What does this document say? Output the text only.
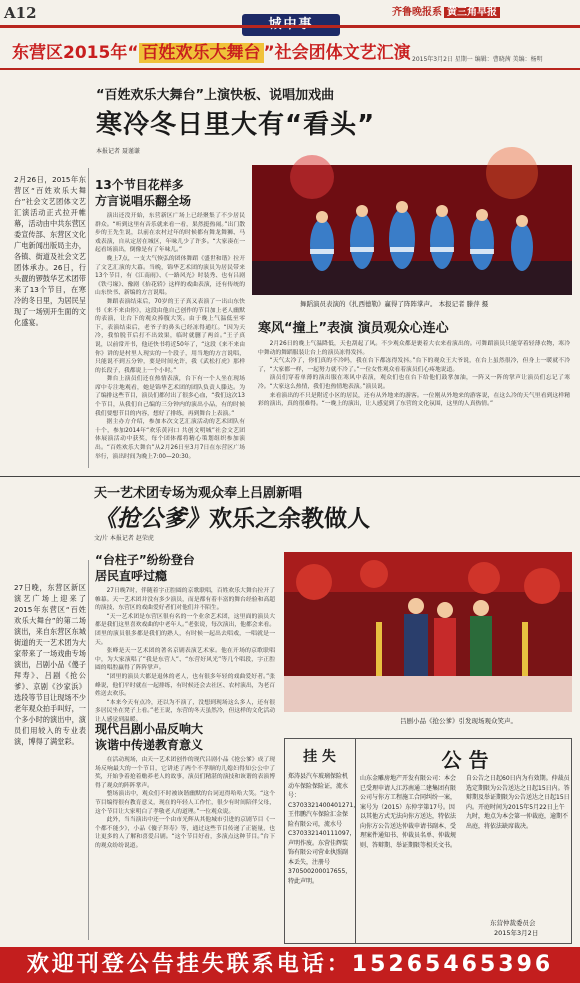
A12	齐鲁晚报系 黄三角早报
东营区2015年“ 百姓欢乐大舞台 ”社会团体文艺汇演 2015年3月2日 星期一 编辑：曹晓茜 美编：杨明
“百姓欢乐大舞台”上演快板、说唱加戏曲
寒冷冬日里大有“看头”
本报记者 聂谨谦
2月26日，2015年东营区“百姓欢乐大舞台”社会文艺团体文艺汇演活动正式拉开帷幕，活动由中共东营区委宣传部、东营区文化广电新闻出版局主办，各镇、街道及社会文艺团体承办。26日，行头靓的锣鼓华艺术团带来了13个节目，在寒冷的冬日里，为居民呈现了一场别开生面的文化盛宴。
13个节目花样多
方言说唱乐翻全场

演出还没开始，东营新区广场上已经聚集了不少居民群众。“听到这里有音乐就来看一看，果然挺热闹。”出门散步的王先生说，以前在农村过年的时候都有舞龙舞狮、马戏表演，自从定居在城区，年味儿少了许多。“大家凑在一起看场演出，倒像是有了年味儿。”

晚上7点，一支大气恢弘的团体舞蹈《盛世和谐》拉开了文艺汇演的大幕。当晚，锦华艺术团的演员为居民带来13个节目，有《江南雨》、《一路风光》时装秀、也有吕剧《铁弓缘》、豫剧《抬花轿》这样的戏曲表演，还有传统的山东快书、新编的方言说唱。

舞蹈表演结束后，70岁的王子真又表演了一出山东快书《来不来由你》，这段由他自己创作的节目加上老人幽默的表演，让台下的观众捧腹大笑。由于晚上气温低至零下，表演结束后，老爷子的鼻头已经冻得通红。“因为天冷，我怕脱节后打不出效果，临时就删了两首。”王子真说，以前常开书，他还快书将近50年了，“这段《来不来由你》讲的是村里人现实的一个段子，用当地的方言说唱，只能说不到五分钟，要是时间允许，我《武松打虎》那样的长段子，我都说上一个小时。”

舞台上演员们还在热情表演，台下有一个人坐在现场席中专注地观看，她是锦华艺术团的团队负责人滕达。为了编排这些节目，演员们都付出了很多心血，“我们这次13个节目，从我们自己编的三分钟内的演出小品，有的时候我们要想节目的内容，想好了排练，再到舞台上表演。”

据主办方介绍，参加本次文艺汇演活动的艺术团队有十个，参加2014年“欢乐黄河口 共创文明城”社会文艺团体展演活动中获奖，每个团体都将精心策划组织参加演出。“百姓欢乐大舞台”从2月26日至3月7日在东营区广场举行，演出时间为晚上7:00—20:30。

舞蹈演员表演的《扎西德勒》赢得了阵阵掌声。 本报记者 滕萍 摄
寒风“撞上”表演 演员观众心连心

2月26日的晚上气温降低，天也刮起了风。不少观众都是裹着大衣来看演出的。可舞蹈演员只能穿着轻薄衣物，寒冷中舞动的舞蹈服装让台上的演员冻得发抖。

“天气太冷了，你们真的不冷吗，我在台下都冻得发抖。”台下的观众王大爷说，在台上虽然很冷，但身上一暖就不冷了，“大家都一样，一起努力就不冷了。”一位女性观众看着演员们心疼地说道。

演员们穿着单薄的演出服在寒风中表演，观众们也在台下给他们鼓掌加油，一阵又一阵的掌声让演员们忘记了寒冷。“大家这么热情，我们也热情地表演。”演员说。

来看演出的不只是附近小区的居民，还有从外地来的游客。一位刚从外地来的游客说，在这么冷的天气里看到这样精彩的演出，真的很难得。“一晚上的演出，让人感觉到了东营的文化氛围，这里的人真热情。”

天一艺术团专场为观众奉上吕剧新唱
《抢公爹》欢乐之余教做人
文/片 本报记者 赵荣虎
27日晚，东营区新区演艺广场上迎来了2015年东营区“百姓欢乐大舞台”的第二场演出，来自东营区东城街道的天一艺术团为大家带来了一场戏曲专场演出，吕剧小品《傻子拜寿》、吕剧《抢公爹》、京剧《沙家浜》选段等节目让现场不少老年观众拍手叫好，一个多小时的演出中，演员们用较入的专业表演，博得了满堂彩。
“台柱子”纷纷登台
居民直呼过瘾

27日晚7时，伴随着字正腔圆的京歌联唱，百姓欢乐大舞台拉开了帷幕。天一艺术团并没有多少演员，而是都有着丰富的舞台经验和高超的演技，东营区的戏曲爱好者们对他们并不陌生。

“天一艺术团是东营区很有名的一个业余艺术团，这里面的演员大都是我们这里喜欢戏曲的中老年人。”老张说，每次演出，他都会来看。团里的演员很多都是我们的熟人，有时候一起出去唱戏，一唱就是一天。

张峰是天一艺术团的著名京剧表演艺术家。他在开场的京歌联唱中，为大家演唱了“我是东营人”、“东营好风光”等几个唱段，字正腔圆的唱腔赢得了阵阵掌声。

“团里的演员大都是退休的老人，也有很多年轻的戏曲爱好者。”张峰说，他们平时就在一起排练，有时候还会去社区、农村演出，为老百姓送去欢乐。

“本来今天有点冷，还以为不演了，没想到现场这么多人，还有很多居民坐在凳子上看。”老王说，东营的冬天虽然冷，但这样的文化活动让人感觉到温暖。	吕剧小品《抢公爹》引发现场观众笑声。
现代吕剧小品反响大
诙谐中传递教育意义

在活动现场，由天一艺术团创作的现代吕剧小品《抢公爹》成了现场反响最大的一个节目，它讲述了两个不孝顺的儿媳妇得知公公中了奖，开始争着抢着赡养老人的故事，演员们精湛的演技和诙谐的表演博得了观众的阵阵掌声。

整场演出中，观众们不时被诙谐幽默的台词逗得哈哈大笑。“这个节目编得很有教育意义，现在的年轻人工作忙，很少有时间陪伴父母，这个节目让大家明白了孝敬老人的道理。”一位观众说。

此外，当当演出中还一个由市光辉从其他城市引进的京剧节目《一个都不能少》，小品《傻子拜寿》等，通过这些节目传递了正能量，也让更多的人了解和喜爱吕剧。“这个节目好看，多演点这种节目。”台下的观众纷纷说道。

挂 失
郑涛县汽车玻璃保险机动车保险保险证，流水号：C3703321400401271，王伟鹏汽车保险汇金保险有限公司，流水号C370332140111097，声明作废。东营佳辉装饰有限公司营业执照副本丢失，注册号370500200017655，特此声明。
公 告
山东金雕房地产开发有限公司：本会已受理申请人江苏南通二建集团有限公司与你方工程施工合同纠纷一案，案号为（2015）东仲字第17号。因以其他方式无法向你方送达，特依法向你方公告送达仲裁申请书副本、受理案件通知书、仲裁员名单、仲裁规则、答辩期、举证期限等相关文书。
自公告之日起60日内为有效期。仲裁员选定期限为公告送达之日起15日内。答辩期及举证期限为公告送达之日起15日内。开庭时间为2015年5月22日上午九时，地点为本会第一仲裁庭，逾期不出庭，将依法缺席裁决。
东营仲裁委员会
2015年3月2日
欢迎刊登公告挂失联系电话：15265465396
